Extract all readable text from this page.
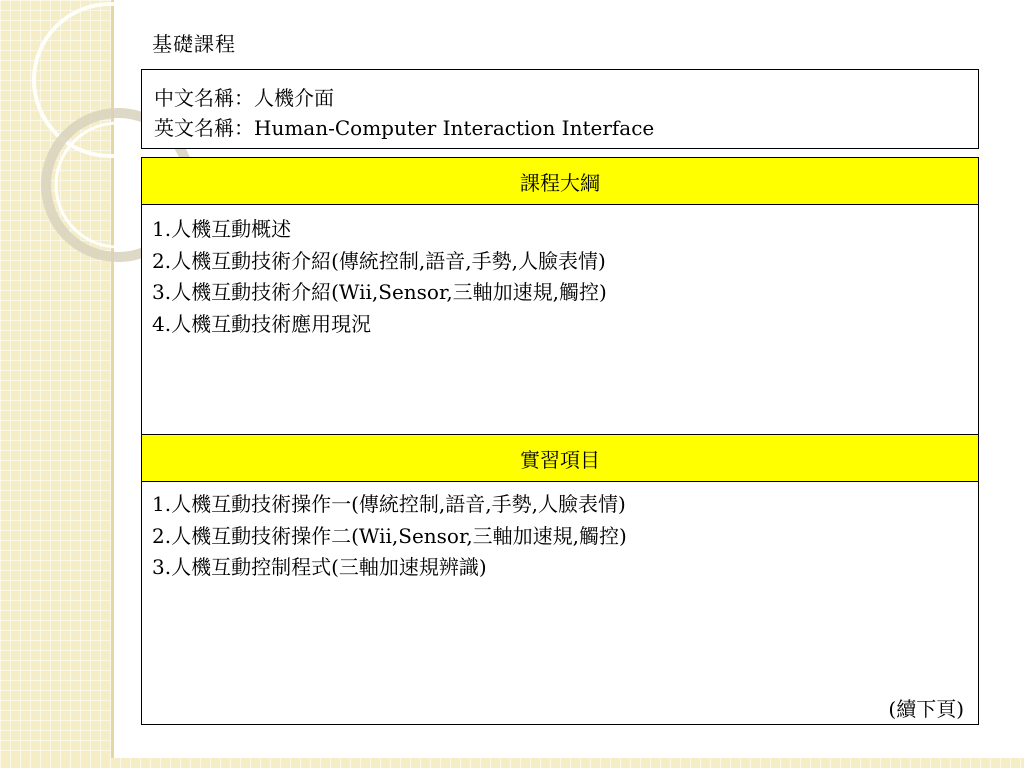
基礎課程
中文名稱：人機介面
英文名稱：Human-Computer Interaction Interface
課程大綱
1.人機互動概述
2.人機互動技術介紹(傳統控制,語音,手勢,人臉表情)
3.人機互動技術介紹(Wii,Sensor,三軸加速規,觸控)
4.人機互動技術應用現況
實習項目
1.人機互動技術操作一(傳統控制,語音,手勢,人臉表情)
2.人機互動技術操作二(Wii,Sensor,三軸加速規,觸控)
3.人機互動控制程式(三軸加速規辨識)
(續下頁)
